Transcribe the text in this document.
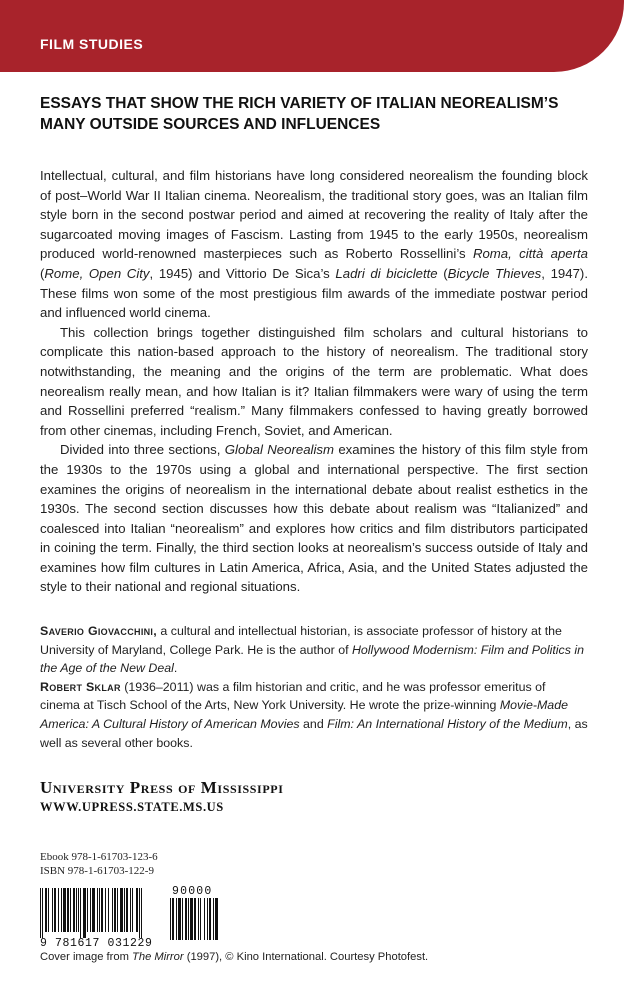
FILM STUDIES
ESSAYS THAT SHOW THE RICH VARIETY OF ITALIAN NEOREALISM’S
MANY OUTSIDE SOURCES AND INFLUENCES

Intellectual, cultural, and film historians have long considered neorealism the founding block of post–World War II Italian cinema. Neorealism, the traditional story goes, was an Italian film style born in the second postwar period and aimed at recovering the reality of Italy after the sugarcoated moving images of Fascism. Lasting from 1945 to the early 1950s, neorealism produced world-renowned masterpieces such as Roberto Rossellini’s Roma, città aperta (Rome, Open City, 1945) and Vittorio De Sica’s Ladri di biciclette (Bicycle Thieves, 1947). These films won some of the most prestigious film awards of the immediate postwar period and influenced world cinema.

This collection brings together distinguished film scholars and cultural historians to complicate this nation-based approach to the history of neorealism. The traditional story notwithstanding, the meaning and the origins of the term are problematic. What does neorealism really mean, and how Italian is it? Italian filmmakers were wary of using the term and Rossellini preferred “realism.” Many filmmakers confessed to having greatly borrowed from other cinemas, including French, Soviet, and American.

Divided into three sections, Global Neorealism examines the history of this film style from the 1930s to the 1970s using a global and international perspective. The first section examines the origins of neorealism in the international debate about realist esthetics in the 1930s. The second section discusses how this debate about realism was “Italianized” and coalesced into Italian “neorealism” and explores how critics and film distributors participated in coining the term. Finally, the third section looks at neorealism’s success outside of Italy and examines how film cultures in Latin America, Africa, Asia, and the United States adjusted the style to their national and regional situations.

Saverio Giovacchini, a cultural and intellectual historian, is associate professor of history at the University of Maryland, College Park. He is the author of Hollywood Modernism: Film and Politics in the Age of the New Deal.
Robert Sklar (1936–2011) was a film historian and critic, and he was professor emeritus of cinema at Tisch School of the Arts, New York University. He wrote the prize-winning Movie-Made America: A Cultural History of American Movies and Film: An International History of the Medium, as well as several other books.
University Press of Mississippi
WWW.UPRESS.STATE.MS.US
Ebook 978-1-61703-123-6
ISBN 978-1-61703-122-9
9 781617 031229
90000
Cover image from The Mirror (1997), © Kino International. Courtesy Photofest.
